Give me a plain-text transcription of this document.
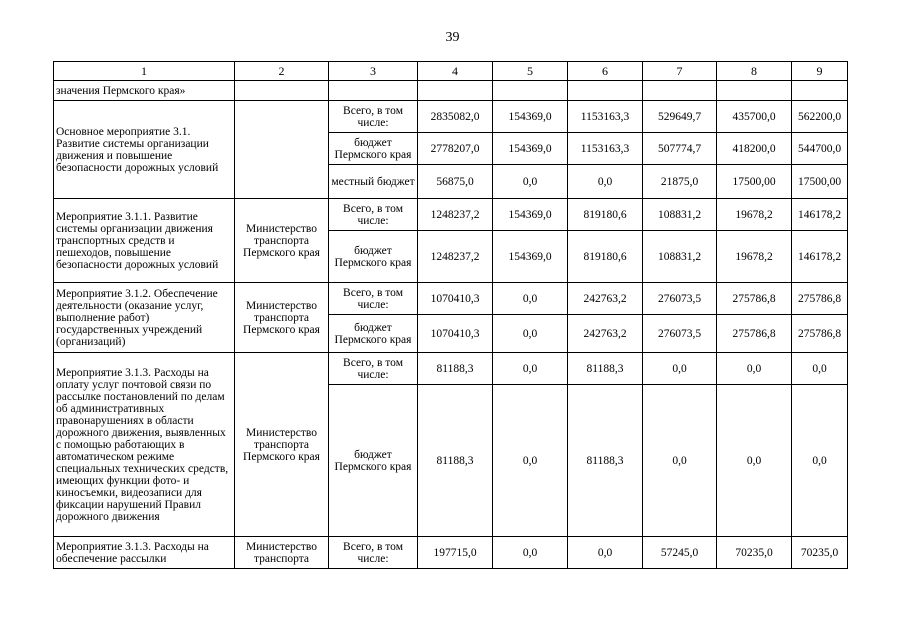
39
1	2	3	4	5	6	7	8	9
значения Пермского края»								
Основное мероприятие 3.1. Развитие системы организации движения и повышение безопасности дорожных условий		Всего, в том числе:	2835082,0	154369,0	1153163,3	529649,7	435700,0	562200,0
		бюджет Пермского края	2778207,0	154369,0	1153163,3	507774,7	418200,0	544700,0
		местный бюджет	56875,0	0,0	0,0	21875,0	17500,00	17500,00
Мероприятие 3.1.1. Развитие системы организации движения транспортных средств и пешеходов, повышение безопасности дорожных условий	Министерство транспорта Пермского края	Всего, в том числе:	1248237,2	154369,0	819180,6	108831,2	19678,2	146178,2
		бюджет Пермского края	1248237,2	154369,0	819180,6	108831,2	19678,2	146178,2
Мероприятие 3.1.2. Обеспечение деятельности (оказание услуг, выполнение работ) государственных учреждений (организаций)	Министерство транспорта Пермского края	Всего, в том числе:	1070410,3	0,0	242763,2	276073,5	275786,8	275786,8
		бюджет Пермского края	1070410,3	0,0	242763,2	276073,5	275786,8	275786,8
Мероприятие 3.1.3. Расходы на оплату услуг почтовой связи по рассылке постановлений по делам об административных правонарушениях в области дорожного движения, выявленных с помощью работающих в автоматическом режиме специальных технических средств, имеющих функции фото- и киносъемки, видеозаписи для фиксации нарушений Правил дорожного движения	Министерство транспорта Пермского края	Всего, в том числе:	81188,3	0,0	81188,3	0,0	0,0	0,0
		бюджет Пермского края	81188,3	0,0	81188,3	0,0	0,0	0,0
Мероприятие 3.1.3. Расходы на обеспечение рассылки	Министерство транспорта	Всего, в том числе:	197715,0	0,0	0,0	57245,0	70235,0	70235,0
